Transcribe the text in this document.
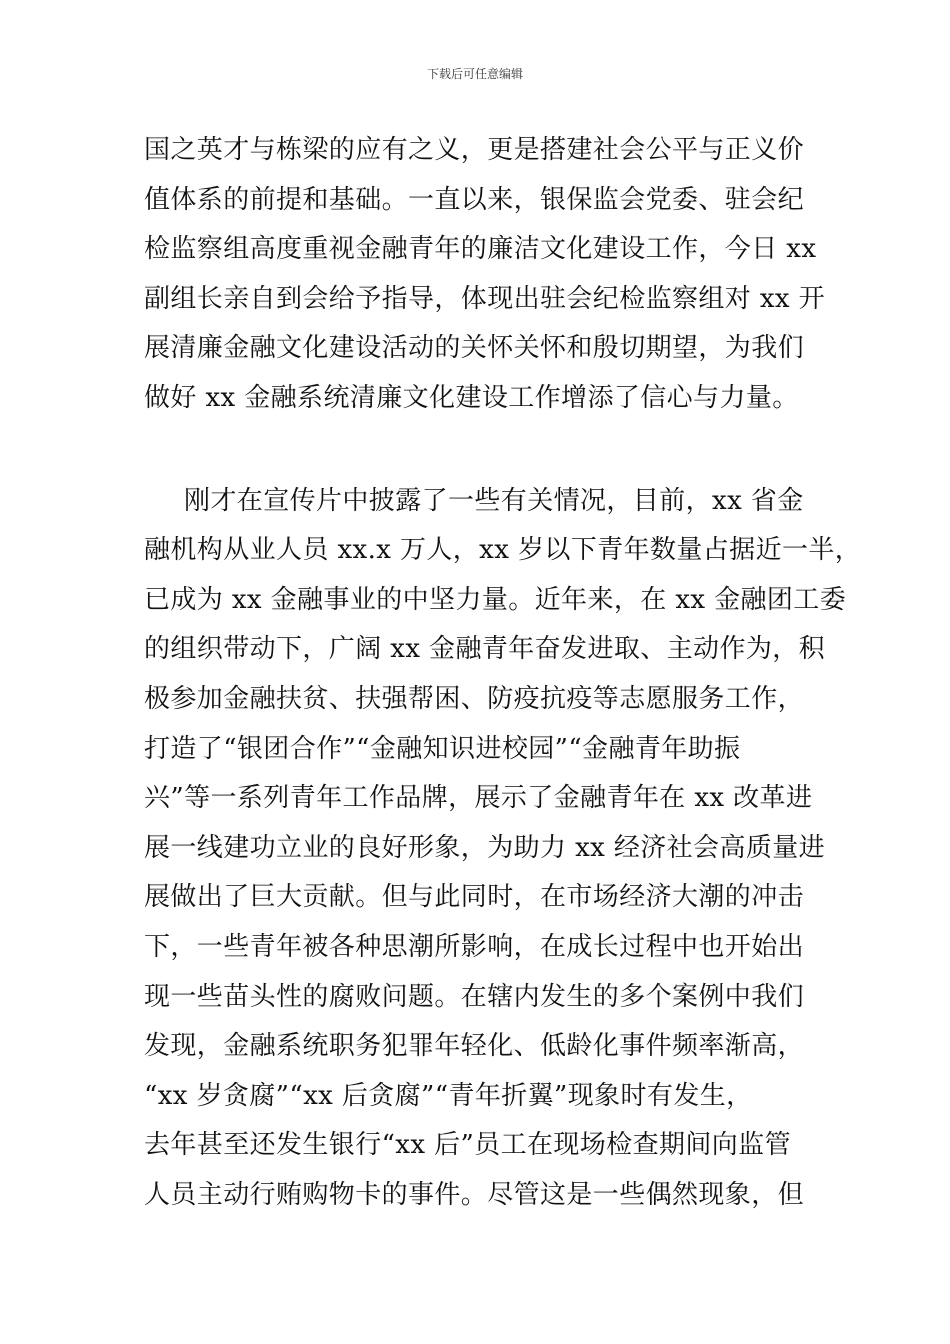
下载后可任意编辑
国之英才与栋梁的应有之义，更是搭建社会公平与正义价
值体系的前提和基础。一直以来，银保监会党委、驻会纪
检监察组高度重视金融青年的廉洁文化建设工作，今日 xx
副组长亲自到会给予指导，体现出驻会纪检监察组对 xx 开
展清廉金融文化建设活动的关怀关怀和殷切期望，为我们
做好 xx 金融系统清廉文化建设工作增添了信心与力量。
刚才在宣传片中披露了一些有关情况，目前，xx 省金
融机构从业人员 xx.x 万人，xx 岁以下青年数量占据近一半，
已成为 xx 金融事业的中坚力量。近年来，在 xx 金融团工委
的组织带动下，广阔 xx 金融青年奋发进取、主动作为，积
极参加金融扶贫、扶强帮困、防疫抗疫等志愿服务工作，
打造了“银团合作”“金融知识进校园”“金融青年助振
兴”等一系列青年工作品牌，展示了金融青年在 xx 改革进
展一线建功立业的良好形象，为助力 xx 经济社会高质量进
展做出了巨大贡献。但与此同时，在市场经济大潮的冲击
下，一些青年被各种思潮所影响，在成长过程中也开始出
现一些苗头性的腐败问题。在辖内发生的多个案例中我们
发现，金融系统职务犯罪年轻化、低龄化事件频率渐高，
“xx 岁贪腐”“xx 后贪腐”“青年折翼”现象时有发生，
去年甚至还发生银行“xx 后”员工在现场检查期间向监管
人员主动行贿购物卡的事件。尽管这是一些偶然现象，但
